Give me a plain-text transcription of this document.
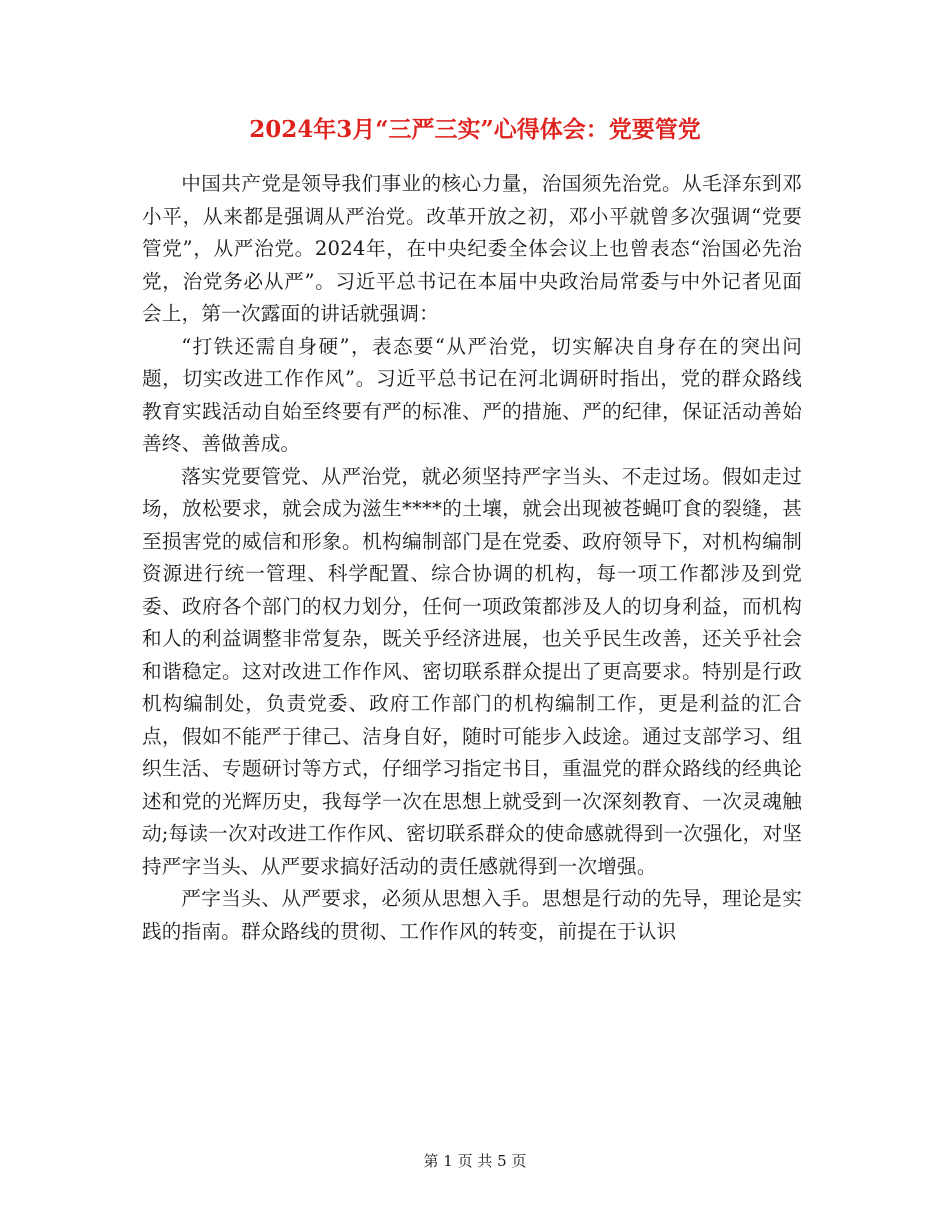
2024年3月“三严三实”心得体会：党要管党

中国共产党是领导我们事业的核心力量，治国须先治党。从毛泽东到邓小平，从来都是强调从严治党。改革开放之初，邓小平就曾多次强调“党要管党”，从严治党。2024年，在中央纪委全体会议上也曾表态“治国必先治党，治党务必从严”。习近平总书记在本届中央政治局常委与中外记者见面会上，第一次露面的讲话就强调：

“打铁还需自身硬”，表态要“从严治党，切实解决自身存在的突出问题，切实改进工作作风”。习近平总书记在河北调研时指出，党的群众路线教育实践活动自始至终要有严的标准、严的措施、严的纪律，保证活动善始善终、善做善成。

落实党要管党、从严治党，就必须坚持严字当头、不走过场。假如走过场，放松要求，就会成为滋生****的土壤，就会出现被苍蝇叮食的裂缝，甚至损害党的威信和形象。机构编制部门是在党委、政府领导下，对机构编制资源进行统一管理、科学配置、综合协调的机构，每一项工作都涉及到党委、政府各个部门的权力划分，任何一项政策都涉及人的切身利益，而机构和人的利益调整非常复杂，既关乎经济进展，也关乎民生改善，还关乎社会和谐稳定。这对改进工作作风、密切联系群众提出了更高要求。特别是行政机构编制处，负责党委、政府工作部门的机构编制工作，更是利益的汇合点，假如不能严于律己、洁身自好，随时可能步入歧途。通过支部学习、组织生活、专题研讨等方式，仔细学习指定书目，重温党的群众路线的经典论述和党的光辉历史，我每学一次在思想上就受到一次深刻教育、一次灵魂触动;每读一次对改进工作作风、密切联系群众的使命感就得到一次强化，对坚持严字当头、从严要求搞好活动的责任感就得到一次增强。

严字当头、从严要求，必须从思想入手。思想是行动的先导，理论是实践的指南。群众路线的贯彻、工作作风的转变，前提在于认识

第 1 页 共 5 页
